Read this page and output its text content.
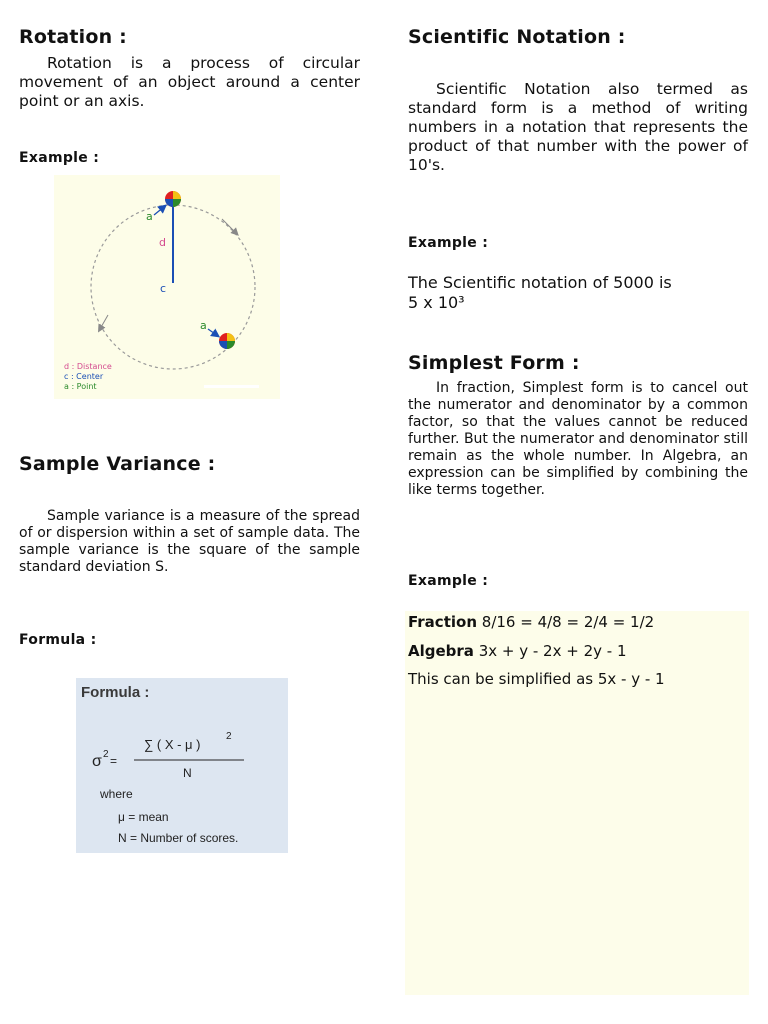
Rotation :
Rotation is a process of circular movement of an object around a center point or an axis.
Example :
a
d
c
a
d : Distance
c : Center
a : Point
Sample Variance :
Sample variance is a measure of the spread of or dispersion within a set of sample data. The sample variance is the square of the sample standard deviation S.
Formula :
Formula :
σ 2 =
∑ ( X - μ )
2
N
where
μ = mean
N = Number of scores.
Scientific Notation :
Scientific Notation also termed as standard form is a method of writing numbers in a notation that represents the product of that number with the power of 10's.
Example :
The Scientific notation of 5000 is
5 x 10³
Simplest Form :
In fraction, Simplest form is to cancel out the numerator and denominator by a common factor, so that the values cannot be reduced further. But the numerator and denominator still remain as the whole number. In Algebra, an expression can be simplified by combining the like terms together.
Example :
Fraction 8/16 = 4/8 = 2/4 = 1/2
Algebra 3x + y - 2x + 2y - 1
This can be simplified as 5x - y - 1
